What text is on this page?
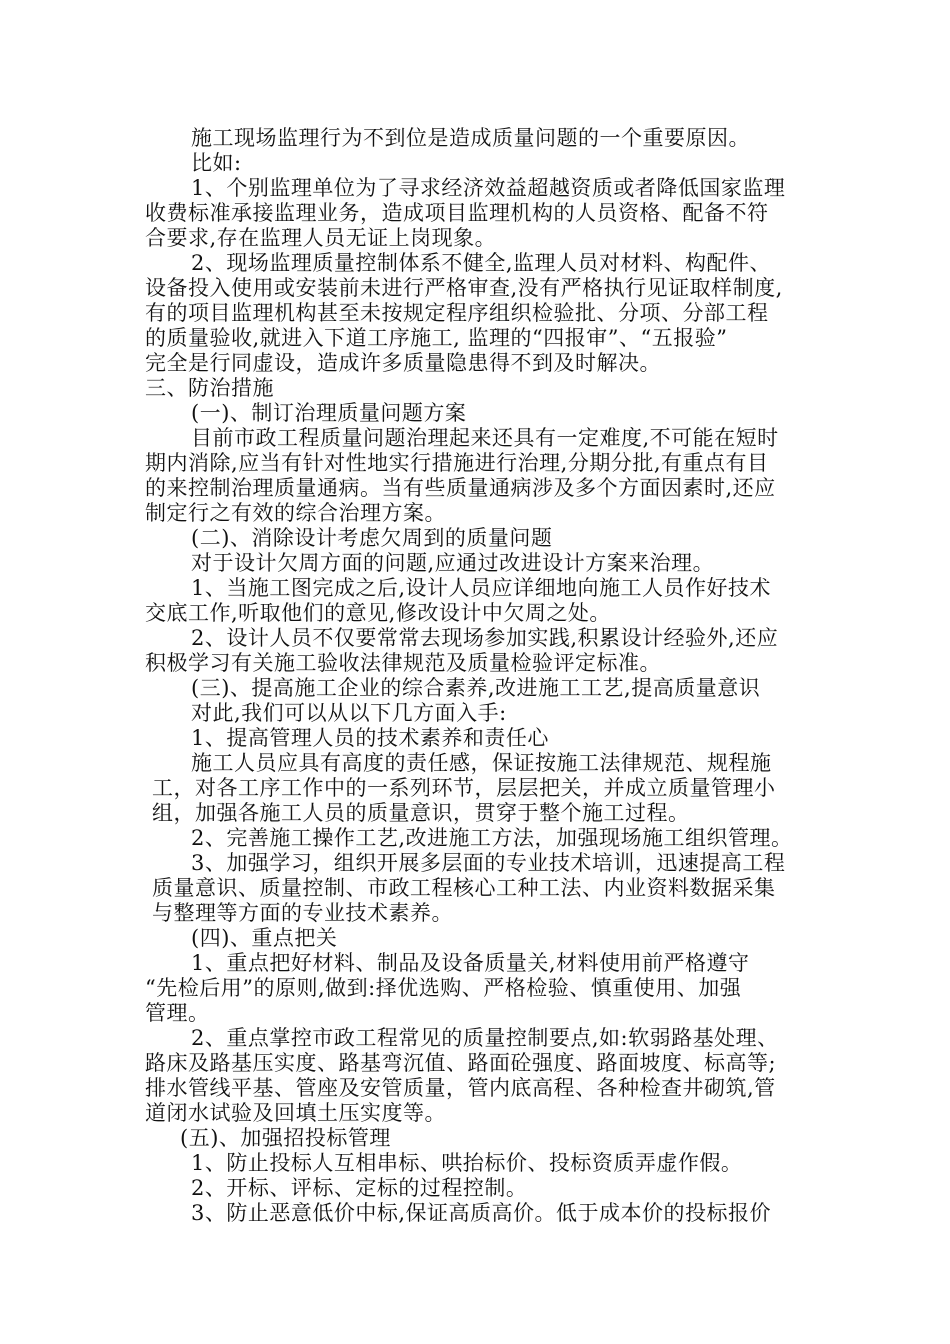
施工现场监理行为不到位是造成质量问题的一个重要原因。
比如:
1、个别监理单位为了寻求经济效益超越资质或者降低国家监理
收费标准承接监理业务，造成项目监理机构的人员资格、配备不符
合要求,存在监理人员无证上岗现象。
2、现场监理质量控制体系不健全,监理人员对材料、构配件、
设备投入使用或安装前未进行严格审查,没有严格执行见证取样制度,
有的项目监理机构甚至未按规定程序组织检验批、分项、分部工程
的质量验收,就进入下道工序施工, 监理的“四报审”、“五报验”
完全是行同虚设，造成许多质量隐患得不到及时解决。
三、防治措施
(一)、制订治理质量问题方案
目前市政工程质量问题治理起来还具有一定难度,不可能在短时
期内消除,应当有针对性地实行措施进行治理,分期分批,有重点有目
的来控制治理质量通病。当有些质量通病涉及多个方面因素时,还应
制定行之有效的综合治理方案。
(二)、消除设计考虑欠周到的质量问题
对于设计欠周方面的问题,应通过改进设计方案来治理。
1、当施工图完成之后,设计人员应详细地向施工人员作好技术
交底工作,听取他们的意见,修改设计中欠周之处。
2、设计人员不仅要常常去现场参加实践,积累设计经验外,还应
积极学习有关施工验收法律规范及质量检验评定标准。
(三)、提高施工企业的综合素养,改进施工工艺,提高质量意识
对此,我们可以从以下几方面入手:
1、提高管理人员的技术素养和责任心
施工人员应具有高度的责任感，保证按施工法律规范、规程施
工，对各工序工作中的一系列环节，层层把关，并成立质量管理小
组，加强各施工人员的质量意识，贯穿于整个施工过程。
2、完善施工操作工艺,改进施工方法，加强现场施工组织管理。
3、加强学习，组织开展多层面的专业技术培训，迅速提高工程
质量意识、质量控制、市政工程核心工种工法、内业资料数据采集
与整理等方面的专业技术素养。
(四)、重点把关
1、重点把好材料、制品及设备质量关,材料使用前严格遵守
“先检后用”的原则,做到:择优选购、严格检验、慎重使用、加强
管理。
2、重点掌控市政工程常见的质量控制要点,如:软弱路基处理、
路床及路基压实度、路基弯沉值、路面砼强度、路面坡度、标高等;
排水管线平基、管座及安管质量，管内底高程、各种检查井砌筑,管
道闭水试验及回填土压实度等。
(五)、加强招投标管理
1、防止投标人互相串标、哄抬标价、投标资质弄虚作假。
2、开标、评标、定标的过程控制。
3、防止恶意低价中标,保证高质高价。低于成本价的投标报价
